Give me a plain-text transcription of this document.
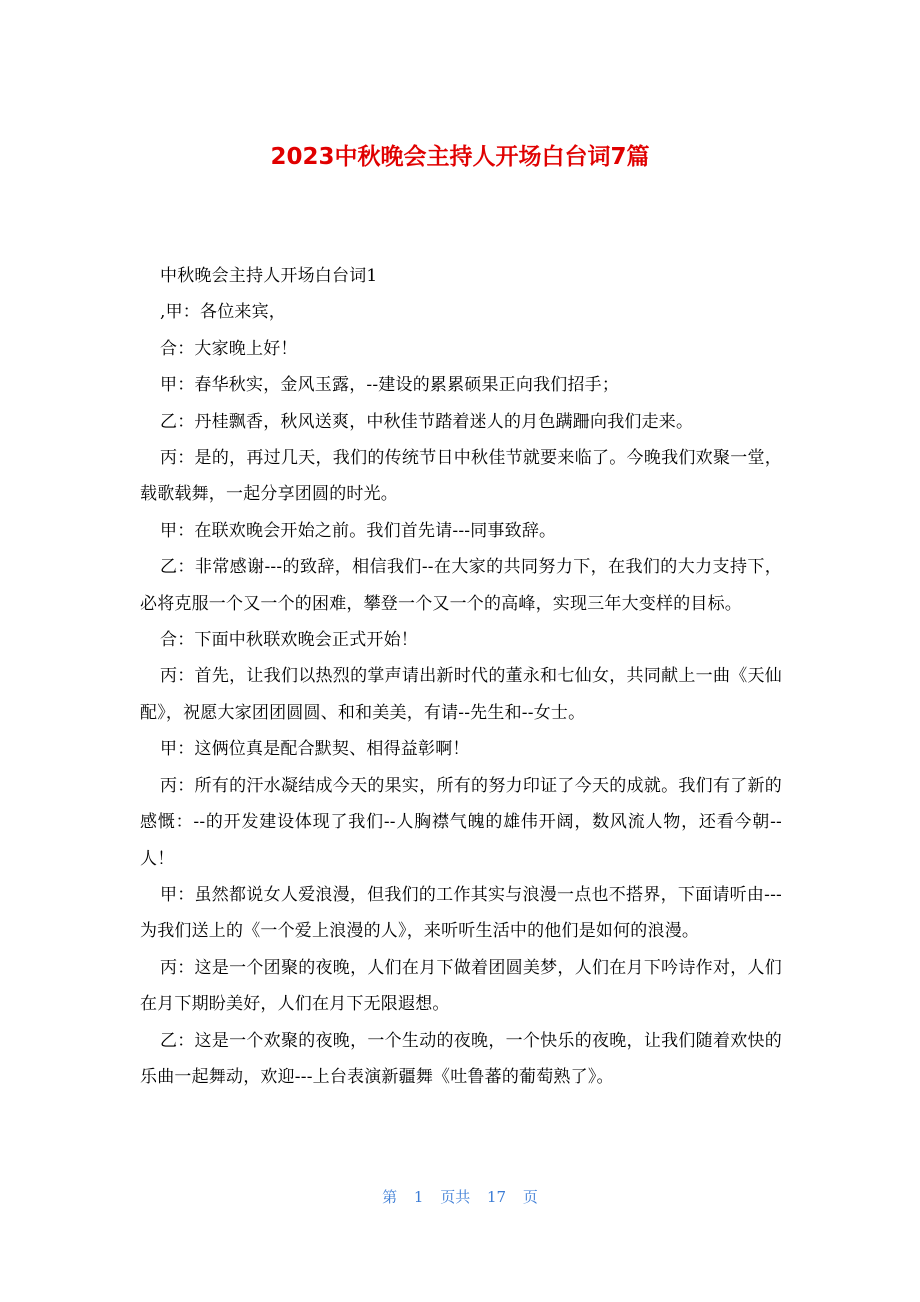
2023中秋晚会主持人开场白台词7篇

中秋晚会主持人开场白台词1

,甲：各位来宾，

合：大家晚上好！

甲：春华秋实，金风玉露，--建设的累累硕果正向我们招手；

乙：丹桂飘香，秋风送爽，中秋佳节踏着迷人的月色蹒跚向我们走来。

丙：是的，再过几天，我们的传统节日中秋佳节就要来临了。今晚我们欢聚一堂，载歌载舞，一起分享团圆的时光。

甲：在联欢晚会开始之前。我们首先请---同事致辞。

乙：非常感谢---的致辞，相信我们--在大家的共同努力下，在我们的大力支持下，必将克服一个又一个的困难，攀登一个又一个的高峰，实现三年大变样的目标。

合：下面中秋联欢晚会正式开始！

丙：首先，让我们以热烈的掌声请出新时代的董永和七仙女，共同献上一曲《天仙配》，祝愿大家团团圆圆、和和美美，有请--先生和--女士。

甲：这俩位真是配合默契、相得益彰啊！

丙：所有的汗水凝结成今天的果实，所有的努力印证了今天的成就。我们有了新的感慨：--的开发建设体现了我们--人胸襟气魄的雄伟开阔，数风流人物，还看今朝--人！

甲：虽然都说女人爱浪漫，但我们的工作其实与浪漫一点也不搭界，下面请听由---为我们送上的《一个爱上浪漫的人》，来听听生活中的他们是如何的浪漫。

丙：这是一个团聚的夜晚，人们在月下做着团圆美梦，人们在月下吟诗作对，人们在月下期盼美好，人们在月下无限遐想。

乙：这是一个欢聚的夜晚，一个生动的夜晚，一个快乐的夜晚，让我们随着欢快的乐曲一起舞动，欢迎---上台表演新疆舞《吐鲁蕃的葡萄熟了》。

第 1 页共 17 页
